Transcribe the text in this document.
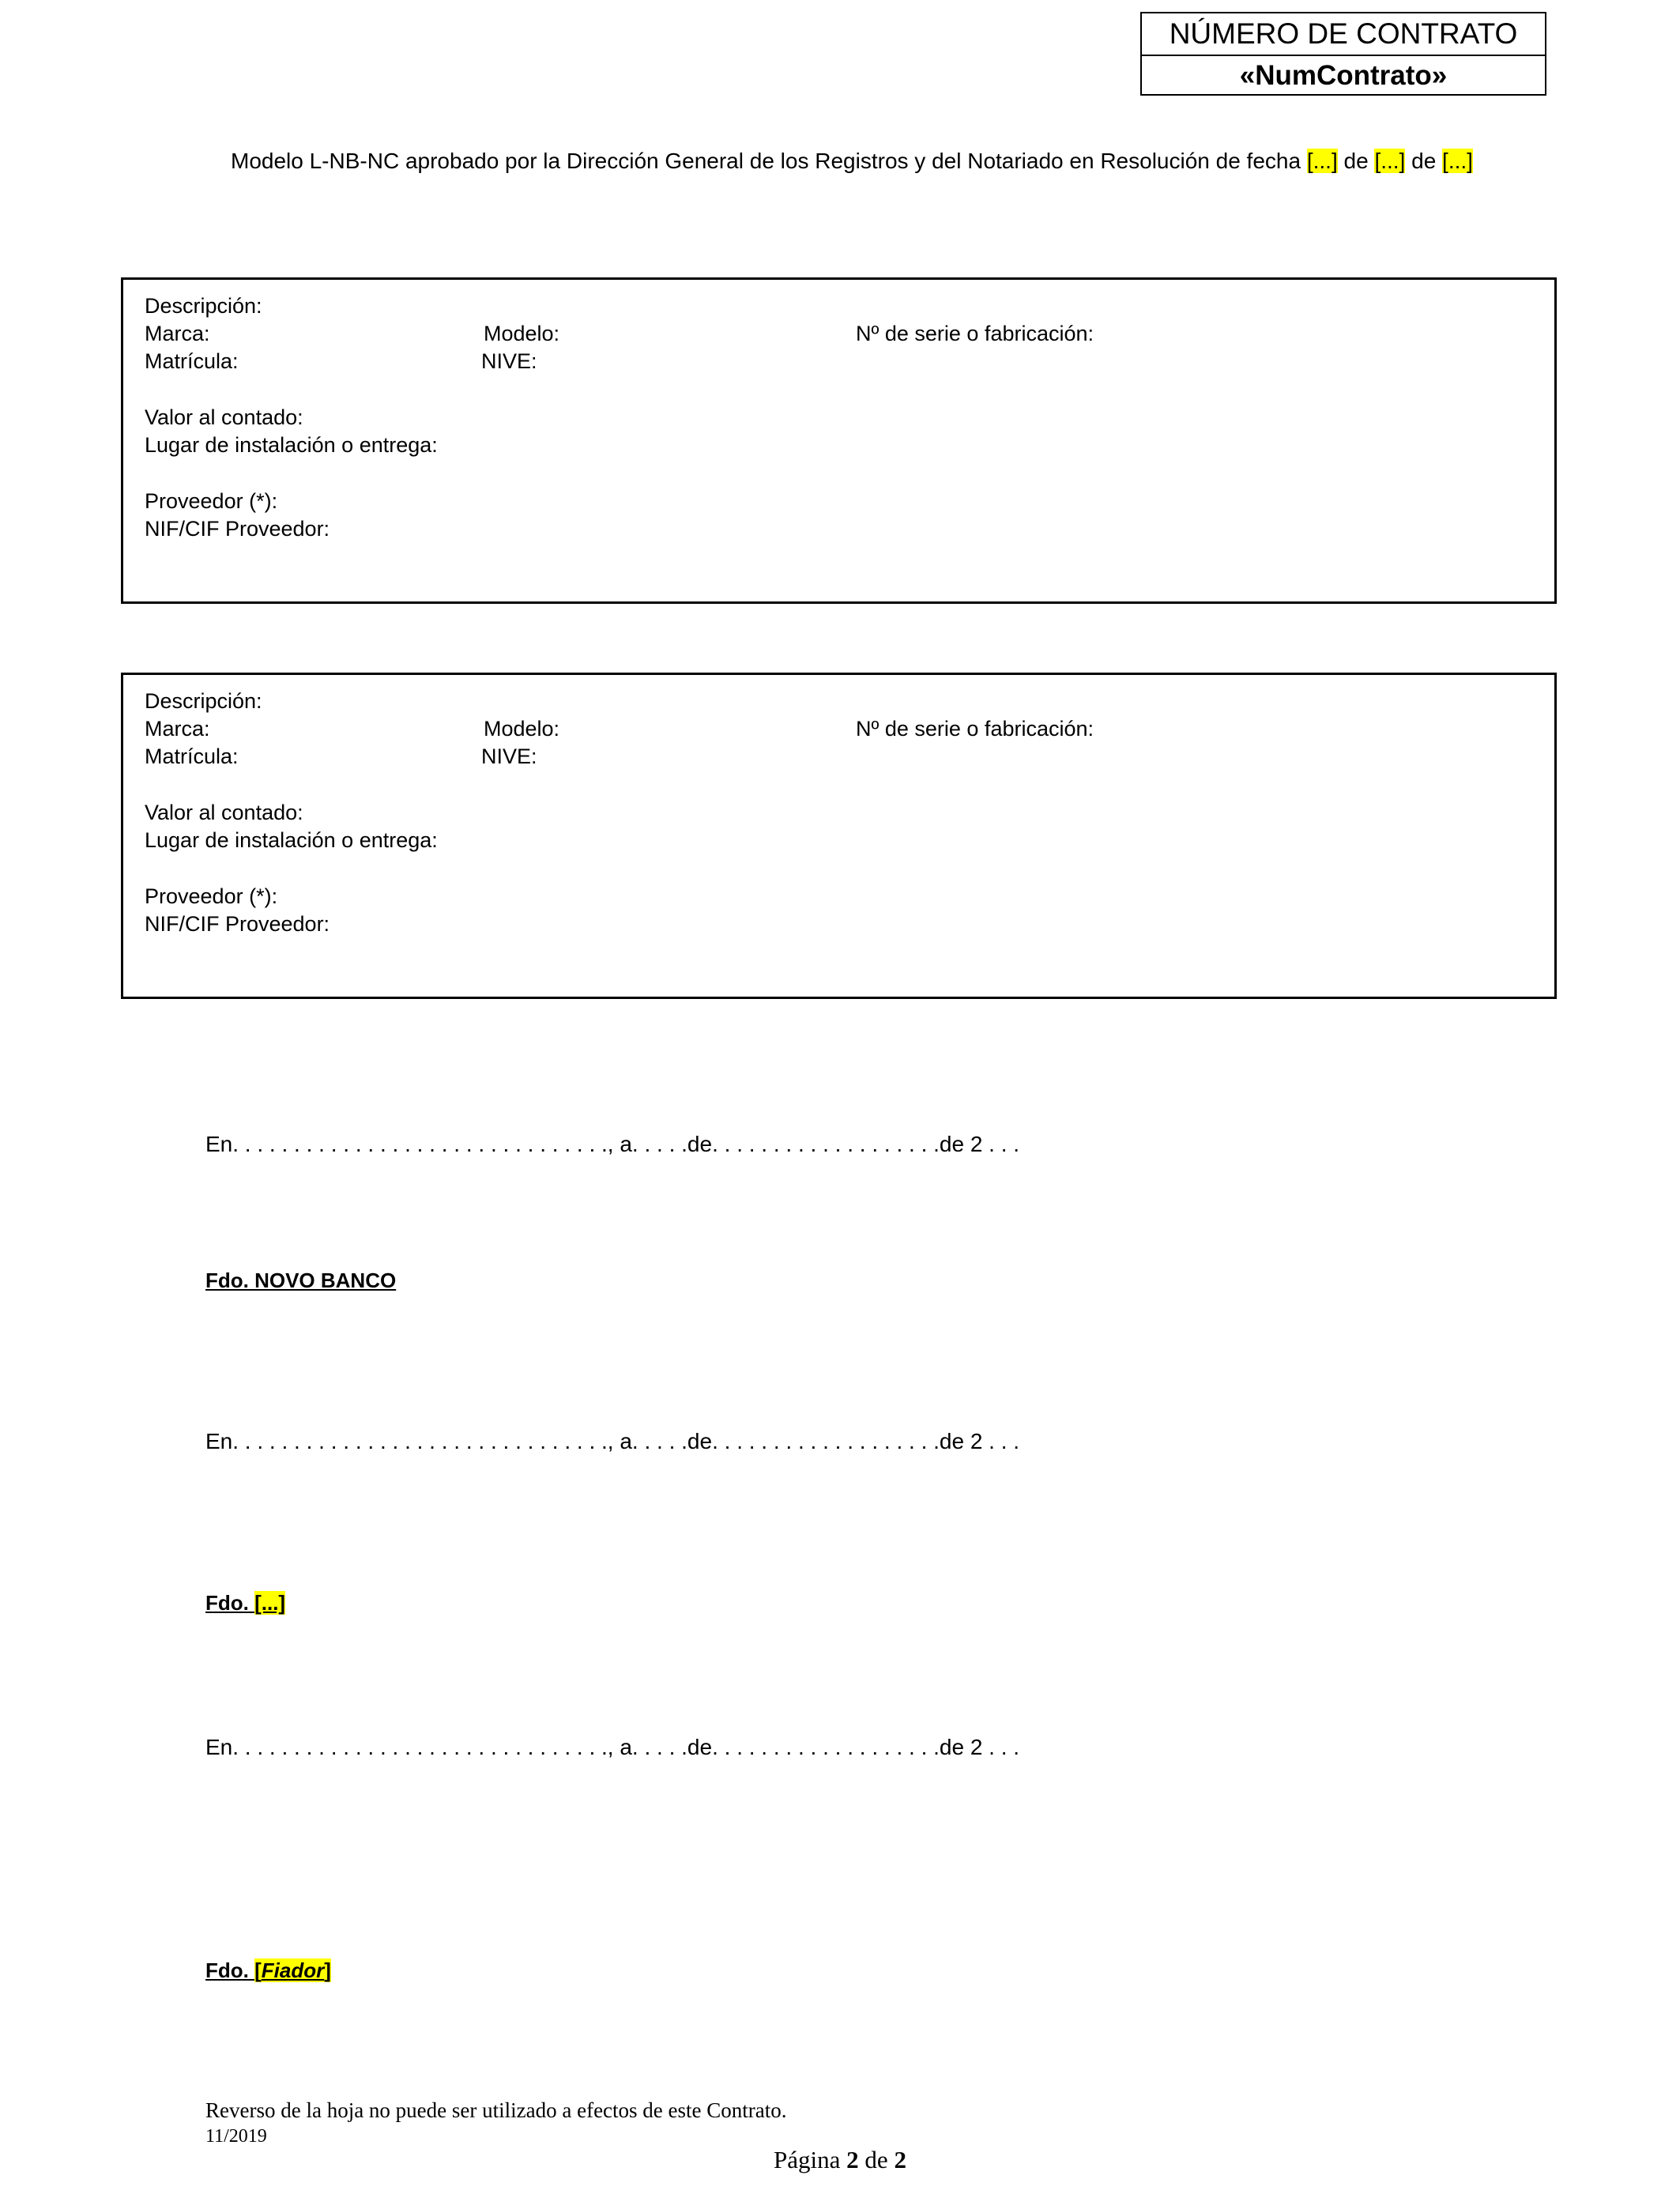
NÚMERO DE CONTRATO
«NumContrato»
Modelo L-NB-NC aprobado por la Dirección General de los Registros y del Notariado en Resolución de fecha [...] de [...] de [...]
Descripción:
Marca:	Modelo:	Nº de serie o fabricación:
Matrícula:	NIVE:
Valor al contado:
Lugar de instalación o entrega:
Proveedor (*):
NIF/CIF Proveedor:
Descripción:
Marca:	Modelo:	Nº de serie o fabricación:
Matrícula:	NIVE:
Valor al contado:
Lugar de instalación o entrega:
Proveedor (*):
NIF/CIF Proveedor:
En. . . . . . . . . . . . . . . . . . . . . . . . . . . . . . ., a. . . . .de. . . . . . . . . . . . . . . . . . .de 2 . . .
Fdo. NOVO BANCO
En. . . . . . . . . . . . . . . . . . . . . . . . . . . . . . ., a. . . . .de. . . . . . . . . . . . . . . . . . .de 2 . . .
Fdo. [...]
En. . . . . . . . . . . . . . . . . . . . . . . . . . . . . . ., a. . . . .de. . . . . . . . . . . . . . . . . . .de 2 . . .
Fdo. [Fiador]
Reverso de la hoja no puede ser utilizado a efectos de este Contrato.
11/2019
Página 2 de 2
